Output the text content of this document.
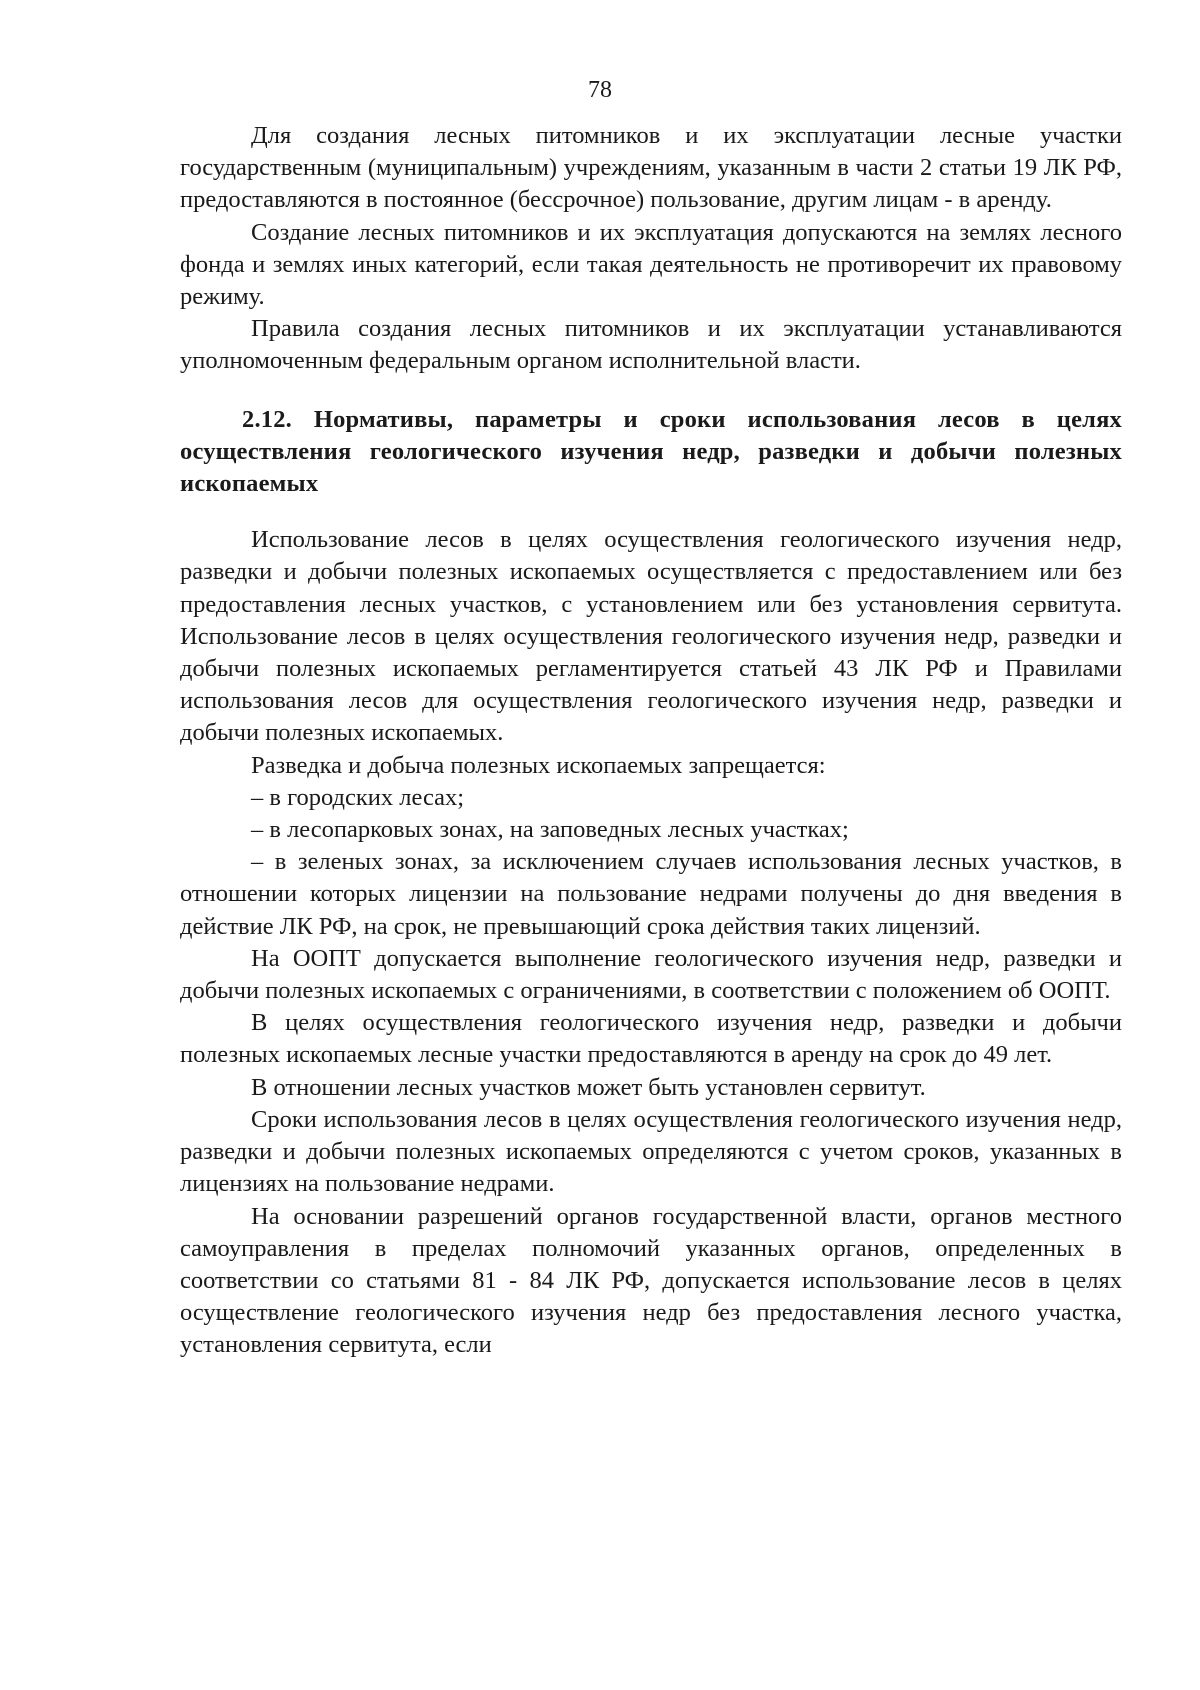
78

Для создания лесных питомников и их эксплуатации лесные участки государственным (муниципальным) учреждениям, указанным в части 2 статьи 19 ЛК РФ, предоставляются в постоянное (бессрочное) пользование, другим лицам - в аренду.

Создание лесных питомников и их эксплуатация допускаются на землях лесного фонда и землях иных категорий, если такая деятельность не противоречит их правовому режиму.

Правила создания лесных питомников и их эксплуатации устанавливаются уполномоченным федеральным органом исполнительной власти.

2.12. Нормативы, параметры и сроки использования лесов в целях осуществления геологического изучения недр, разведки и добычи полезных ископаемых

Использование лесов в целях осуществления геологического изучения недр, разведки и добычи полезных ископаемых осуществляется с предоставлением или без предоставления лесных участков, с установлением или без установления сервитута. Использование лесов в целях осуществления геологического изучения недр, разведки и добычи полезных ископаемых регламентируется статьей 43 ЛК РФ и Правилами использования лесов для осуществления геологического изучения недр, разведки и добычи полезных ископаемых.

Разведка и добыча полезных ископаемых запрещается:

– в городских лесах;

– в лесопарковых зонах, на заповедных лесных участках;

– в зеленых зонах, за исключением случаев использования лесных участков, в отношении которых лицензии на пользование недрами получены до дня введения в действие ЛК РФ, на срок, не превышающий срока действия таких лицензий.

На ООПТ допускается выполнение геологического изучения недр, разведки и добычи полезных ископаемых с ограничениями, в соответствии с положением об ООПТ.

В целях осуществления геологического изучения недр, разведки и добычи полезных ископаемых лесные участки предоставляются в аренду на срок до 49 лет.

В отношении лесных участков может быть установлен сервитут.

Сроки использования лесов в целях осуществления геологического изучения недр, разведки и добычи полезных ископаемых определяются с учетом сроков, указанных в лицензиях на пользование недрами.

На основании разрешений органов государственной власти, органов местного самоуправления в пределах полномочий указанных органов, определенных в соответствии со статьями 81 - 84 ЛК РФ, допускается использование лесов в целях осуществление геологического изучения недр без предоставления лесного участка, установления сервитута, если
